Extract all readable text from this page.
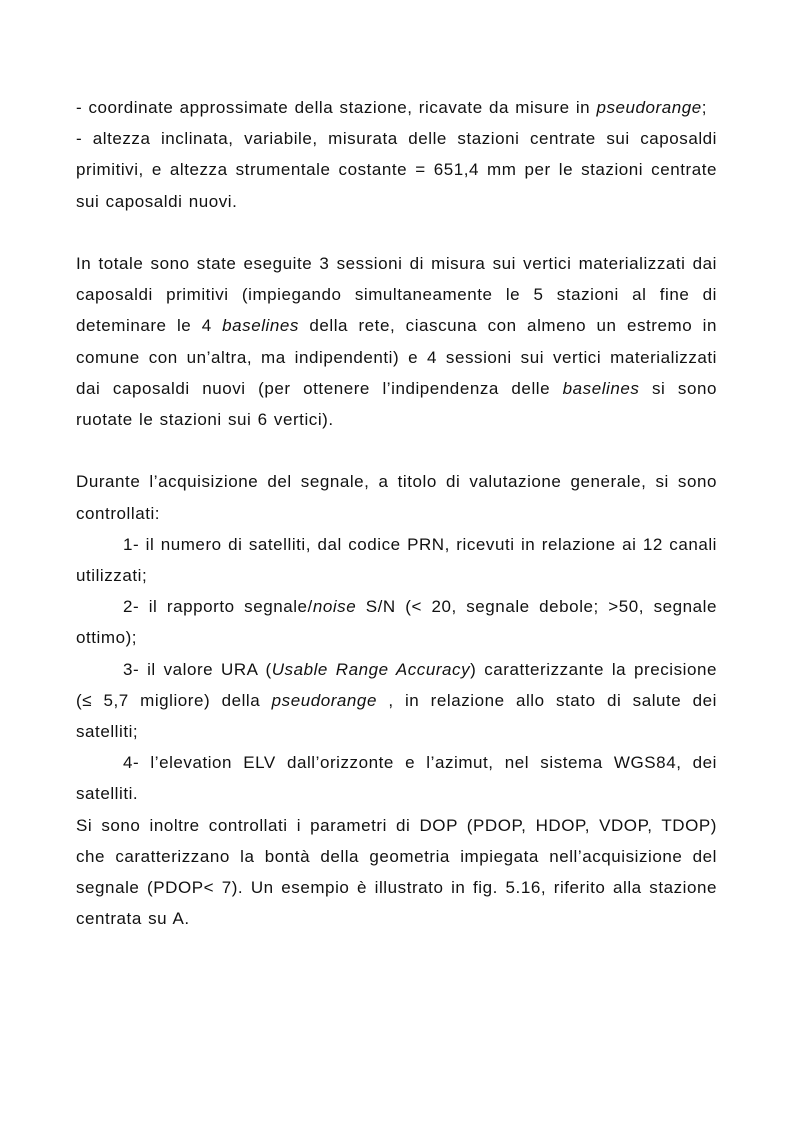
- coordinate approssimate della stazione, ricavate da misure in pseudorange;

- altezza inclinata, variabile, misurata delle stazioni centrate sui caposaldi primitivi, e altezza strumentale costante = 651,4 mm per le stazioni centrate sui caposaldi nuovi.

In totale sono state eseguite 3 sessioni di misura sui vertici materializzati dai caposaldi primitivi (impiegando simultaneamente le 5 stazioni al fine di deteminare le 4 baselines della rete, ciascuna con almeno un estremo in comune con un’altra, ma indipendenti) e 4 sessioni sui vertici materializzati dai caposaldi nuovi (per ottenere l’indipendenza delle baselines si sono ruotate le stazioni sui 6 vertici).

Durante l’acquisizione del segnale, a titolo di valutazione generale, si sono controllati:

1- il numero di satelliti, dal codice PRN, ricevuti in relazione ai 12 canali utilizzati;

2- il rapporto segnale/noise S/N (< 20, segnale debole; >50, segnale ottimo);

3- il valore URA (Usable Range Accuracy) caratterizzante la precisione (≤ 5,7 migliore) della pseudorange , in relazione allo stato di salute dei satelliti;

4- l’elevation ELV dall’orizzonte e l’azimut, nel sistema WGS84, dei satelliti.

Si sono inoltre controllati i parametri di DOP (PDOP, HDOP, VDOP, TDOP) che caratterizzano la bontà della geometria impiegata nell’acquisizione del segnale (PDOP< 7). Un esempio è illustrato in fig. 5.16, riferito alla stazione centrata su A.
